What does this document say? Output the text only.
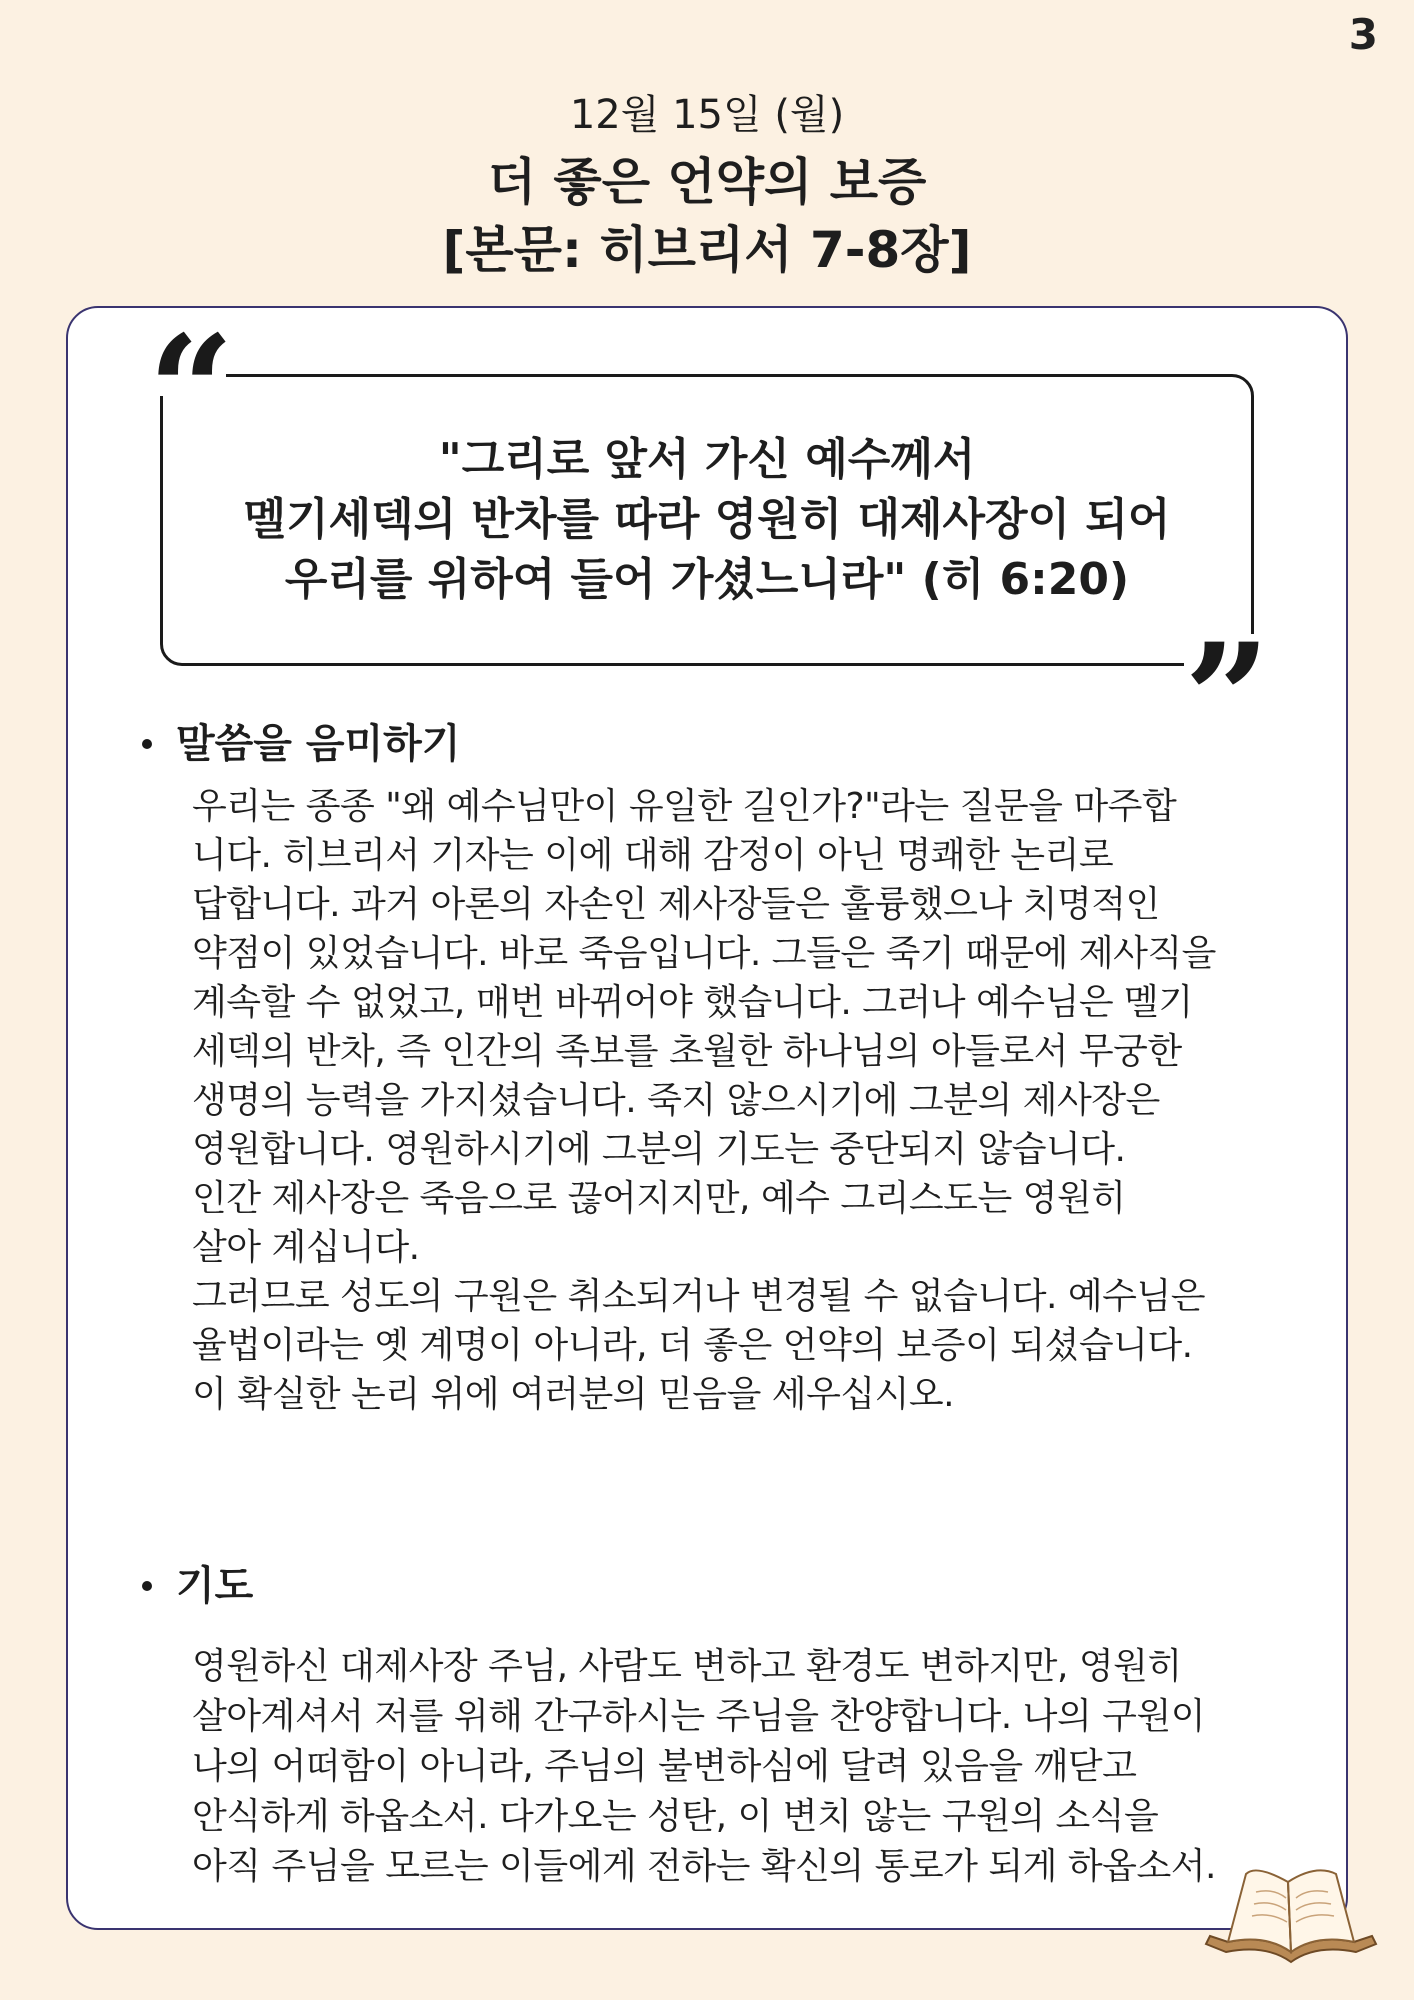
3
12월 15일 (월)
더 좋은 언약의 보증
[본문: 히브리서 7-8장]
"그리로 앞서 가신 예수께서
멜기세덱의 반차를 따라 영원히 대제사장이 되어
우리를 위하여 들어 가셨느니라" (히 6:20)
“
”
말씀을 음미하기
우리는 종종 "왜 예수님만이 유일한 길인가?"라는 질문을 마주합
니다. 히브리서 기자는 이에 대해 감정이 아닌 명쾌한 논리로
답합니다. 과거 아론의 자손인 제사장들은 훌륭했으나 치명적인
약점이 있었습니다. 바로 죽음입니다. 그들은 죽기 때문에 제사직을
계속할 수 없었고, 매번 바뀌어야 했습니다. 그러나 예수님은 멜기
세덱의 반차, 즉 인간의 족보를 초월한 하나님의 아들로서 무궁한
생명의 능력을 가지셨습니다. 죽지 않으시기에 그분의 제사장은
영원합니다. 영원하시기에 그분의 기도는 중단되지 않습니다.
인간 제사장은 죽음으로 끊어지지만, 예수 그리스도는 영원히
살아 계십니다.
그러므로 성도의 구원은 취소되거나 변경될 수 없습니다. 예수님은
율법이라는 옛 계명이 아니라, 더 좋은 언약의 보증이 되셨습니다.
이 확실한 논리 위에 여러분의 믿음을 세우십시오.
기도
영원하신 대제사장 주님, 사람도 변하고 환경도 변하지만, 영원히
살아계셔서 저를 위해 간구하시는 주님을 찬양합니다. 나의 구원이
나의 어떠함이 아니라, 주님의 불변하심에 달려 있음을 깨닫고
안식하게 하옵소서. 다가오는 성탄, 이 변치 않는 구원의 소식을
아직 주님을 모르는 이들에게 전하는 확신의 통로가 되게 하옵소서.
